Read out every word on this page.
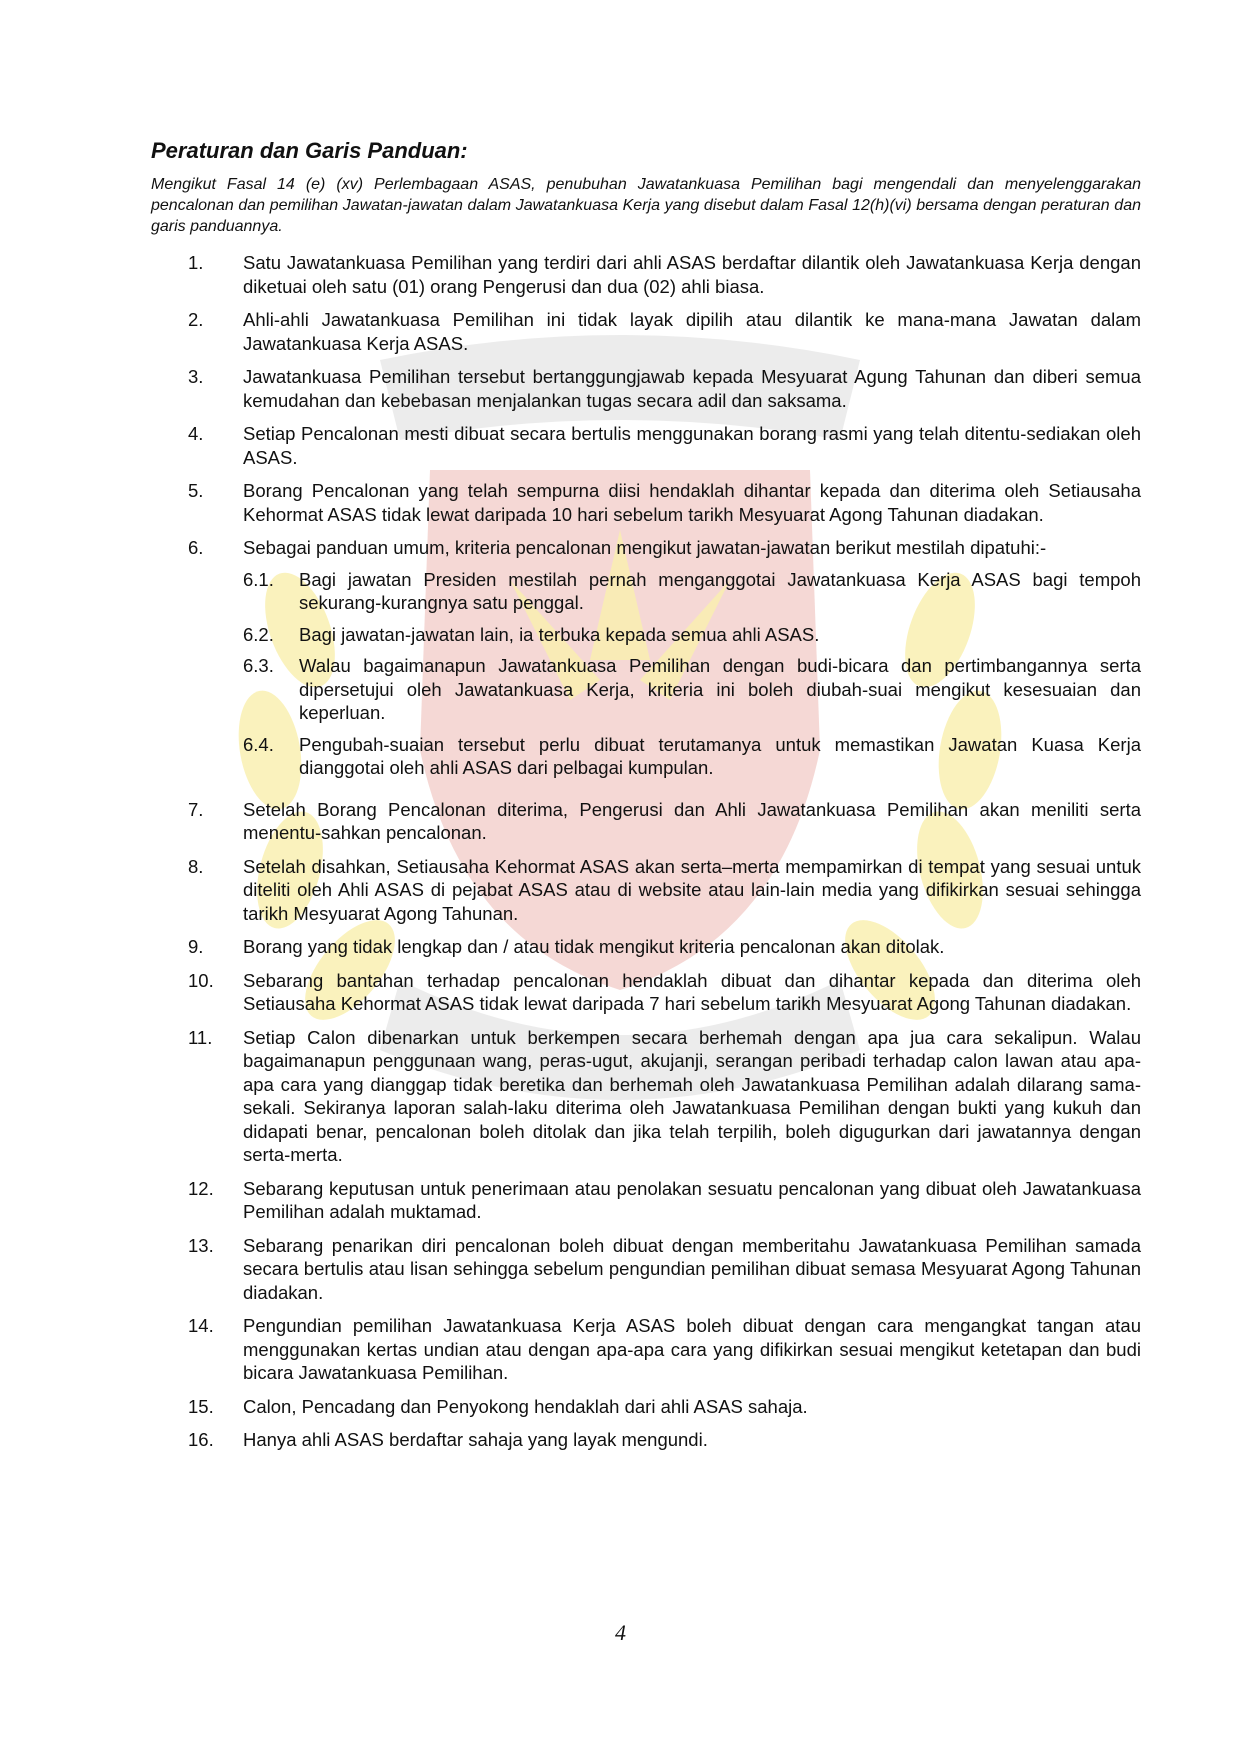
Peraturan dan Garis Panduan:

Mengikut Fasal 14 (e) (xv) Perlembagaan ASAS, penubuhan Jawatankuasa Pemilihan bagi mengendali dan menyelenggarakan pencalonan dan pemilihan Jawatan-jawatan dalam Jawatankuasa Kerja yang disebut dalam Fasal 12(h)(vi) bersama dengan peraturan dan garis panduannya.

1.	Satu Jawatankuasa Pemilihan yang terdiri dari ahli ASAS berdaftar dilantik oleh Jawatankuasa Kerja dengan diketuai oleh satu (01) orang Pengerusi dan dua (02) ahli biasa.
2.	Ahli-ahli Jawatankuasa Pemilihan ini tidak layak dipilih atau dilantik ke mana-mana Jawatan dalam Jawatankuasa Kerja ASAS.
3.	Jawatankuasa Pemilihan tersebut bertanggungjawab kepada Mesyuarat Agung Tahunan dan diberi semua kemudahan dan kebebasan menjalankan tugas secara adil dan saksama.
4.	Setiap Pencalonan mesti dibuat secara bertulis menggunakan borang rasmi yang telah ditentu-sediakan oleh ASAS.
5.	Borang Pencalonan yang telah sempurna diisi hendaklah dihantar kepada dan diterima oleh Setiausaha Kehormat ASAS tidak lewat daripada 10 hari sebelum tarikh Mesyuarat Agong Tahunan diadakan.
6.	Sebagai panduan umum, kriteria pencalonan mengikut jawatan-jawatan berikut mestilah dipatuhi:-
6.1.	Bagi jawatan Presiden mestilah pernah menganggotai Jawatankuasa Kerja ASAS bagi tempoh sekurang-kurangnya satu penggal.
6.2.	Bagi jawatan-jawatan lain, ia terbuka kepada semua ahli ASAS.
6.3.	Walau bagaimanapun Jawatankuasa Pemilihan dengan budi-bicara dan pertimbangannya serta dipersetujui oleh Jawatankuasa Kerja, kriteria ini boleh diubah-suai mengikut kesesuaian dan keperluan.
6.4.	Pengubah-suaian tersebut perlu dibuat terutamanya untuk memastikan Jawatan Kuasa Kerja dianggotai oleh ahli ASAS dari pelbagai kumpulan.
7.	Setelah Borang Pencalonan diterima, Pengerusi dan Ahli Jawatankuasa Pemilihan akan meniliti serta menentu-sahkan pencalonan.
8.	Setelah disahkan, Setiausaha Kehormat ASAS akan serta–merta mempamirkan di tempat yang sesuai untuk diteliti oleh Ahli ASAS di pejabat ASAS atau di website atau lain-lain media yang difikirkan sesuai sehingga tarikh Mesyuarat Agong Tahunan.
9.	Borang yang tidak lengkap dan / atau tidak mengikut kriteria pencalonan akan ditolak.
10.	Sebarang bantahan terhadap pencalonan hendaklah dibuat dan dihantar kepada dan diterima oleh Setiausaha Kehormat ASAS tidak lewat daripada 7 hari sebelum tarikh Mesyuarat Agong Tahunan diadakan.
11.	Setiap Calon dibenarkan untuk berkempen secara berhemah dengan apa jua cara sekalipun. Walau bagaimanapun penggunaan wang, peras-ugut, akujanji, serangan peribadi terhadap calon lawan atau apa-apa cara yang dianggap tidak beretika dan berhemah oleh Jawatankuasa Pemilihan adalah dilarang sama-sekali. Sekiranya laporan salah-laku diterima oleh Jawatankuasa Pemilihan dengan bukti yang kukuh dan didapati benar, pencalonan boleh ditolak dan jika telah terpilih, boleh digugurkan dari jawatannya dengan serta-merta.
12.	Sebarang keputusan untuk penerimaan atau penolakan sesuatu pencalonan yang dibuat oleh Jawatankuasa Pemilihan adalah muktamad.
13.	Sebarang penarikan diri pencalonan boleh dibuat dengan memberitahu Jawatankuasa Pemilihan samada secara bertulis atau lisan sehingga sebelum pengundian pemilihan dibuat semasa Mesyuarat Agong Tahunan diadakan.
14.	Pengundian pemilihan Jawatankuasa Kerja ASAS boleh dibuat dengan cara mengangkat tangan atau menggunakan kertas undian atau dengan apa-apa cara yang difikirkan sesuai mengikut ketetapan dan budi bicara Jawatankuasa Pemilihan.
15.	Calon, Pencadang dan Penyokong hendaklah dari ahli ASAS sahaja.
16.	Hanya ahli ASAS berdaftar sahaja yang layak mengundi.
4
